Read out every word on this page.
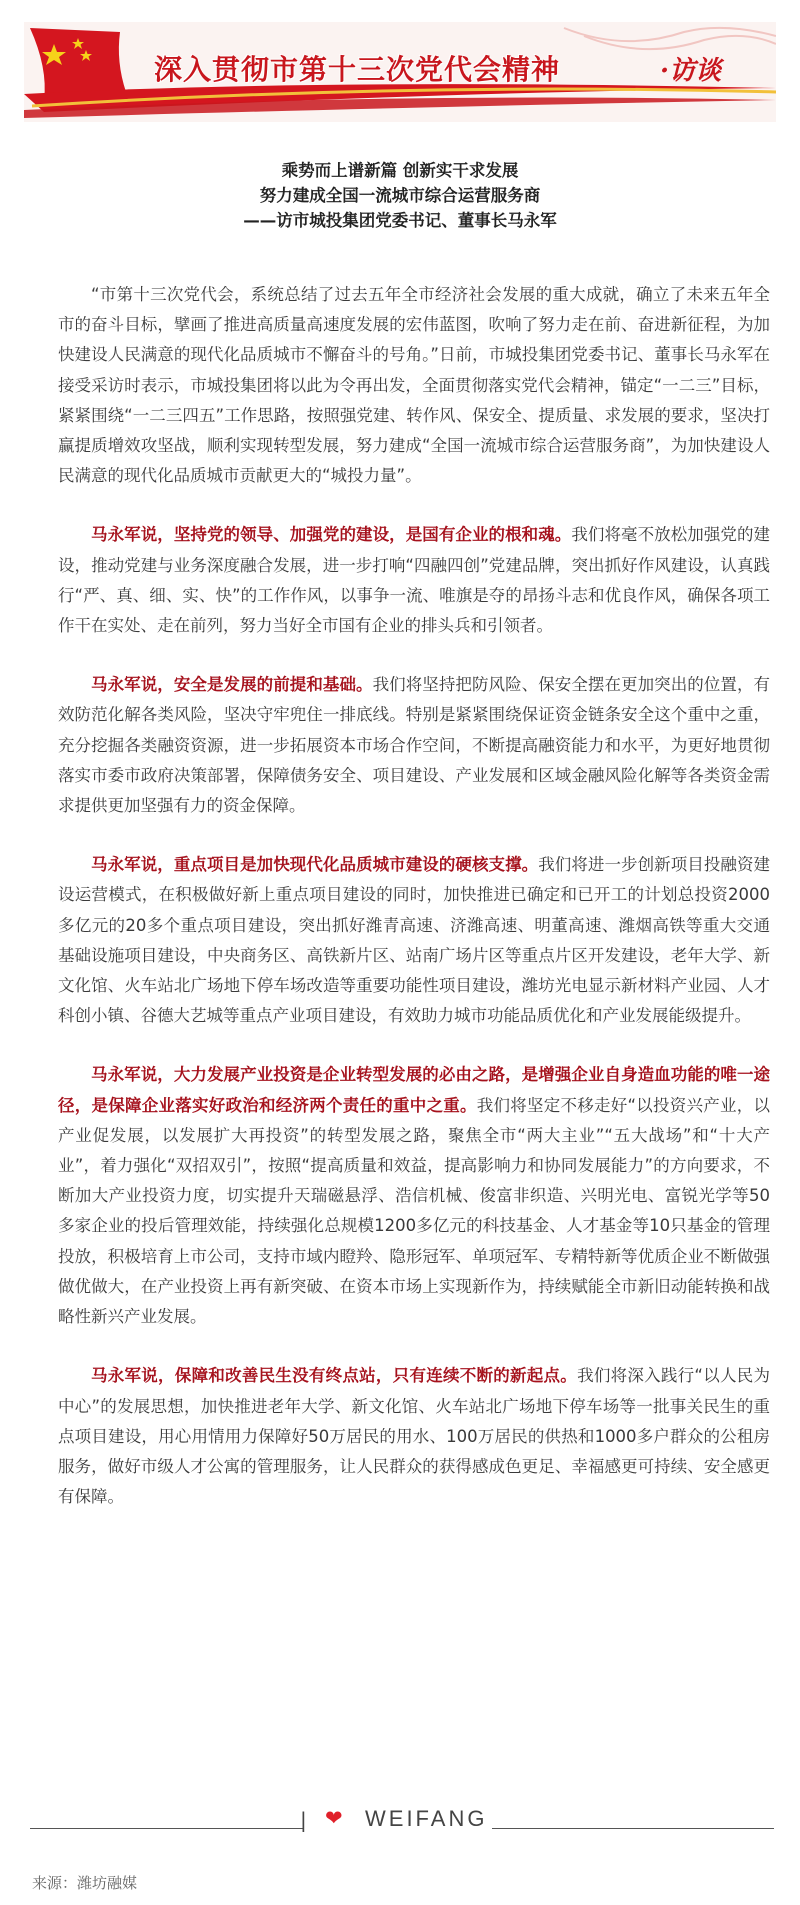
深入贯彻市第十三次党代会精神	·访谈
乘势而上谱新篇 创新实干求发展
努力建成全国一流城市综合运营服务商
——访市城投集团党委书记、董事长马永军

“市第十三次党代会，系统总结了过去五年全市经济社会发展的重大成就，确立了未来五年全市的奋斗目标，擘画了推进高质量高速度发展的宏伟蓝图，吹响了努力走在前、奋进新征程，为加快建设人民满意的现代化品质城市不懈奋斗的号角。”日前，市城投集团党委书记、董事长马永军在接受采访时表示，市城投集团将以此为令再出发，全面贯彻落实党代会精神，锚定“一二三”目标，紧紧围绕“一二三四五”工作思路，按照强党建、转作风、保安全、提质量、求发展的要求，坚决打赢提质增效攻坚战，顺利实现转型发展，努力建成“全国一流城市综合运营服务商”，为加快建设人民满意的现代化品质城市贡献更大的“城投力量”。

马永军说，坚持党的领导、加强党的建设，是国有企业的根和魂。我们将毫不放松加强党的建设，推动党建与业务深度融合发展，进一步打响“四融四创”党建品牌，突出抓好作风建设，认真践行“严、真、细、实、快”的工作作风，以事争一流、唯旗是夺的昂扬斗志和优良作风，确保各项工作干在实处、走在前列，努力当好全市国有企业的排头兵和引领者。

马永军说，安全是发展的前提和基础。我们将坚持把防风险、保安全摆在更加突出的位置，有效防范化解各类风险，坚决守牢兜住一排底线。特别是紧紧围绕保证资金链条安全这个重中之重，充分挖掘各类融资资源，进一步拓展资本市场合作空间，不断提高融资能力和水平，为更好地贯彻落实市委市政府决策部署，保障债务安全、项目建设、产业发展和区域金融风险化解等各类资金需求提供更加坚强有力的资金保障。

马永军说，重点项目是加快现代化品质城市建设的硬核支撑。我们将进一步创新项目投融资建设运营模式，在积极做好新上重点项目建设的同时，加快推进已确定和已开工的计划总投资2000多亿元的20多个重点项目建设，突出抓好潍青高速、济潍高速、明董高速、潍烟高铁等重大交通基础设施项目建设，中央商务区、高铁新片区、站南广场片区等重点片区开发建设，老年大学、新文化馆、火车站北广场地下停车场改造等重要功能性项目建设，潍坊光电显示新材料产业园、人才科创小镇、谷德大艺城等重点产业项目建设，有效助力城市功能品质优化和产业发展能级提升。

马永军说，大力发展产业投资是企业转型发展的必由之路，是增强企业自身造血功能的唯一途径，是保障企业落实好政治和经济两个责任的重中之重。我们将坚定不移走好“以投资兴产业，以产业促发展，以发展扩大再投资”的转型发展之路，聚焦全市“两大主业”“五大战场”和“十大产业”，着力强化“双招双引”，按照“提高质量和效益，提高影响力和协同发展能力”的方向要求，不断加大产业投资力度，切实提升天瑞磁悬浮、浩信机械、俊富非织造、兴明光电、富锐光学等50多家企业的投后管理效能，持续强化总规模1200多亿元的科技基金、人才基金等10只基金的管理投放，积极培育上市公司，支持市域内瞪羚、隐形冠军、单项冠军、专精特新等优质企业不断做强做优做大，在产业投资上再有新突破、在资本市场上实现新作为，持续赋能全市新旧动能转换和战略性新兴产业发展。

马永军说，保障和改善民生没有终点站，只有连续不断的新起点。我们将深入践行“以人民为中心”的发展思想，加快推进老年大学、新文化馆、火车站北广场地下停车场等一批事关民生的重点项目建设，用心用情用力保障好50万居民的用水、100万居民的供热和1000多户群众的公租房服务，做好市级人才公寓的管理服务，让人民群众的获得感成色更足、幸福感更可持续、安全感更有保障。

| ❤ WEIFANG
来源：潍坊融媒
